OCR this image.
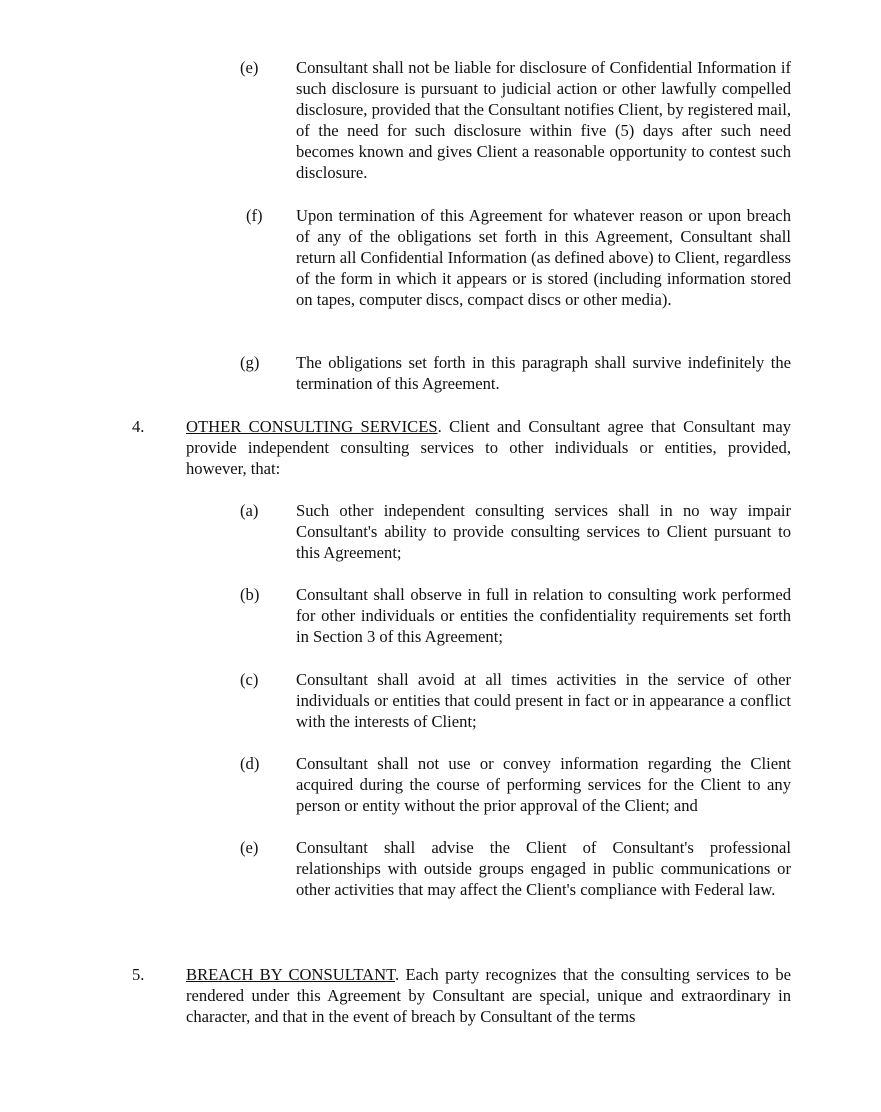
(e)	Consultant shall not be liable for disclosure of Confidential Information if such disclosure is pursuant to judicial action or other lawfully compelled disclosure, provided that the Consultant notifies Client, by registered mail, of the need for such disclosure within five (5) days after such need becomes known and gives Client a reasonable opportunity to contest such disclosure.
(f)	Upon termination of this Agreement for whatever reason or upon breach of any of the obligations set forth in this Agreement, Consultant shall return all Confidential Information (as defined above) to Client, regardless of the form in which it appears or is stored (including information stored on tapes, computer discs, compact discs or other media).
(g)	The obligations set forth in this paragraph shall survive indefinitely the termination of this Agreement.
4.	OTHER CONSULTING SERVICES. Client and Consultant agree that Consultant may provide independent consulting services to other individuals or entities, provided, however, that:
(a)	Such other independent consulting services shall in no way impair Consultant's ability to provide consulting services to Client pursuant to this Agreement;
(b)	Consultant shall observe in full in relation to consulting work performed for other individuals or entities the confidentiality requirements set forth in Section 3 of this Agreement;
(c)	Consultant shall avoid at all times activities in the service of other individuals or entities that could present in fact or in appearance a conflict with the interests of Client;
(d)	Consultant shall not use or convey information regarding the Client acquired during the course of performing services for the Client to any person or entity without the prior approval of the Client; and
(e)	Consultant shall advise the Client of Consultant's professional relationships with outside groups engaged in public communications or other activities that may affect the Client's compliance with Federal law.
5.	BREACH BY CONSULTANT. Each party recognizes that the consulting services to be rendered under this Agreement by Consultant are special, unique and extraordinary in character, and that in the event of breach by Consultant of the terms
